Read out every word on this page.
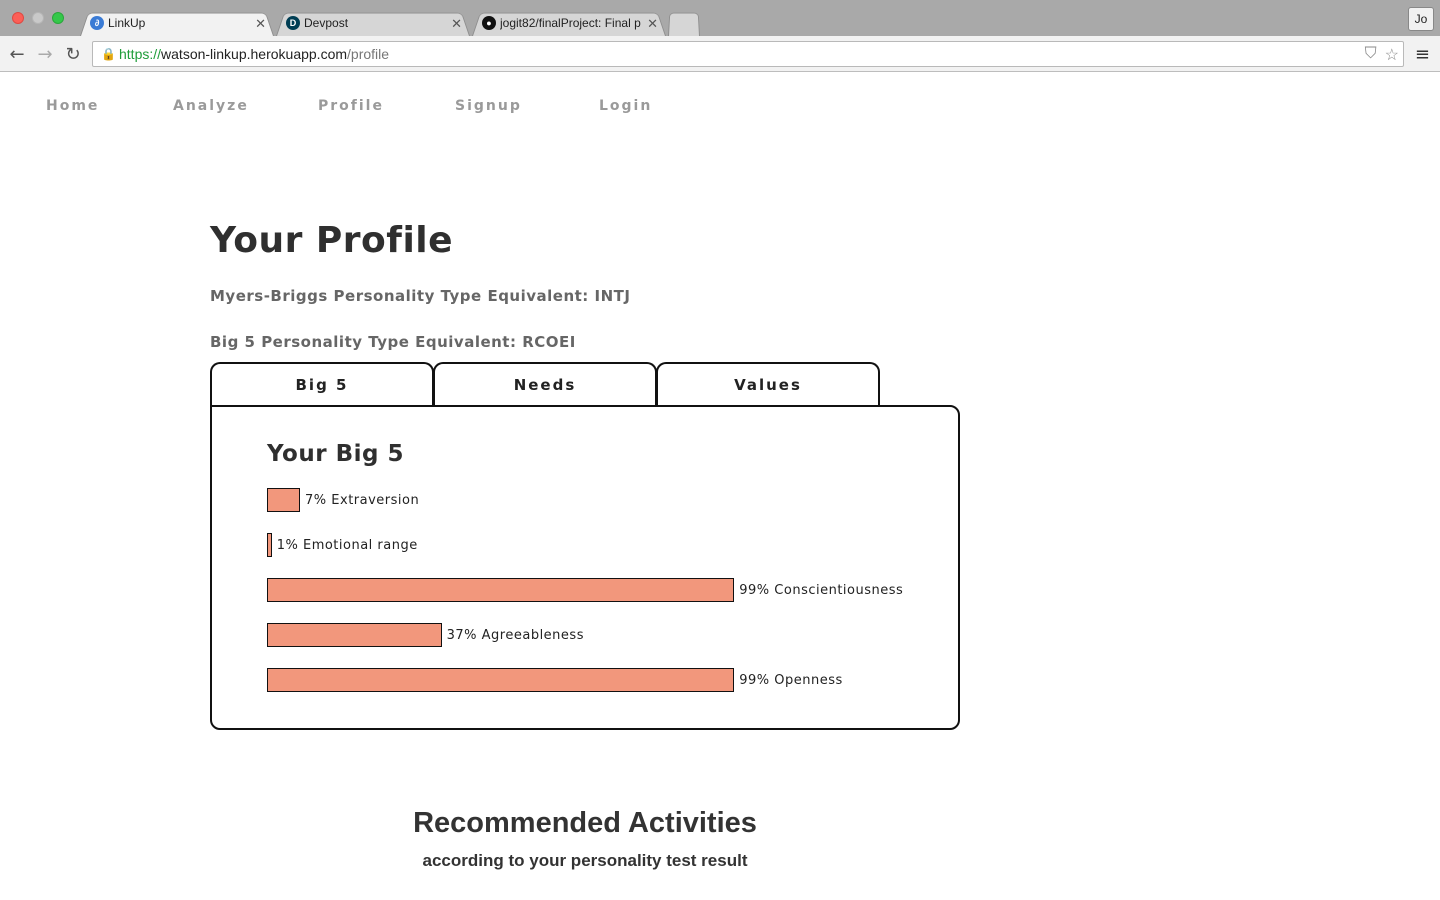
∂ LinkUp	✕	D Devpost	✕	● jogit82/finalProject: Final p ✕	Jo
← → ↻ 🔒 https:// watson-linkup.herokuapp.com /profile	⛉ ☆ ≡
Home	Analyze	Profile	Signup	Login
Your Profile
Myers-Briggs Personality Type Equivalent: INTJ
Big 5 Personality Type Equivalent: RCOEI
Big 5	Needs	Values
Your Big 5
7% Extraversion
1% Emotional range
99% Conscientiousness
37% Agreeableness
99% Openness
Recommended Activities
according to your personality test result
